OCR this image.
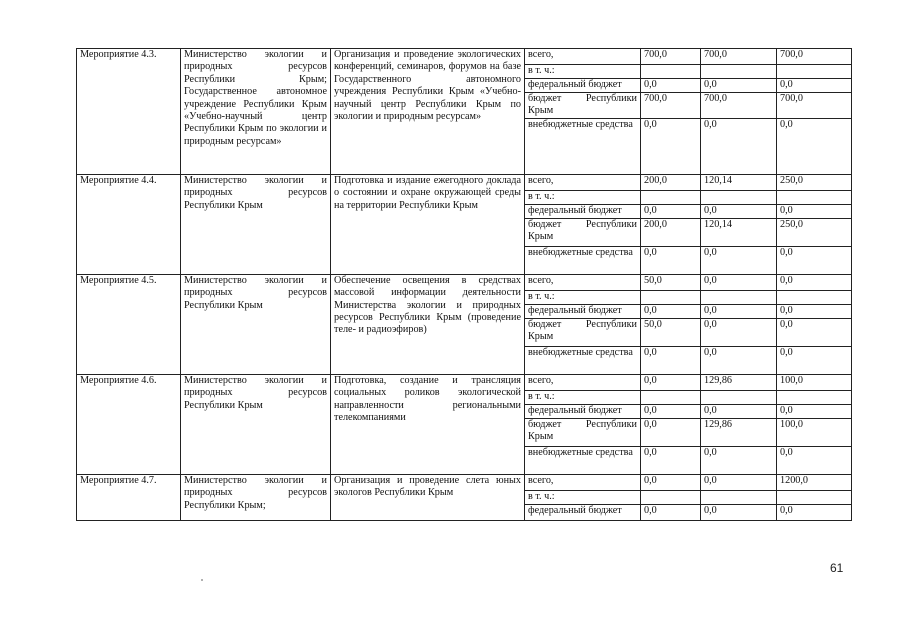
Мероприятие 4.3.	Министерство экологии и природных ресурсов Республики Крым; Государственное автономное учреждение Республики Крым «Учебно-научный центр Республики Крым по экологии и природным ресурсам»	Организация и проведение экологических конференций, семинаров, форумов на базе Государственного автономного учреждения Республики Крым «Учебно-научный центр Республики Крым по экологии и природным ресурсам»	всего,	700,0	700,0	700,0
			в т. ч.:			
			федеральный бюджет	0,0	0,0	0,0
			бюджет Республики Крым	700,0	700,0	700,0
			внебюджетные средства	0,0	0,0	0,0
Мероприятие 4.4.	Министерство экологии и природных ресурсов Республики Крым	Подготовка и издание ежегодного доклада о состоянии и охране окружающей среды на территории Республики Крым	всего,	200,0	120,14	250,0
			в т. ч.:			
			федеральный бюджет	0,0	0,0	0,0
			бюджет Республики Крым	200,0	120,14	250,0
			внебюджетные средства	0,0	0,0	0,0
Мероприятие 4.5.	Министерство экологии и природных ресурсов Республики Крым	Обеспечение освещения в средствах массовой информации деятельности Министерства экологии и природных ресурсов Республики Крым (проведение теле- и радиоэфиров)	всего,	50,0	0,0	0,0
			в т. ч.:			
			федеральный бюджет	0,0	0,0	0,0
			бюджет Республики Крым	50,0	0,0	0,0
			внебюджетные средства	0,0	0,0	0,0
Мероприятие 4.6.	Министерство экологии и природных ресурсов Республики Крым	Подготовка, создание и трансляция социальных роликов экологической направленности региональными телекомпаниями	всего,	0,0	129,86	100,0
			в т. ч.:			
			федеральный бюджет	0,0	0,0	0,0
			бюджет Республики Крым	0,0	129,86	100,0
			внебюджетные средства	0,0	0,0	0,0
Мероприятие 4.7.	Министерство экологии и природных ресурсов Республики Крым;	Организация и проведение слета юных экологов Республики Крым	всего,	0,0	0,0	1200,0
			в т. ч.:			
			федеральный бюджет	0,0	0,0	0,0
61
